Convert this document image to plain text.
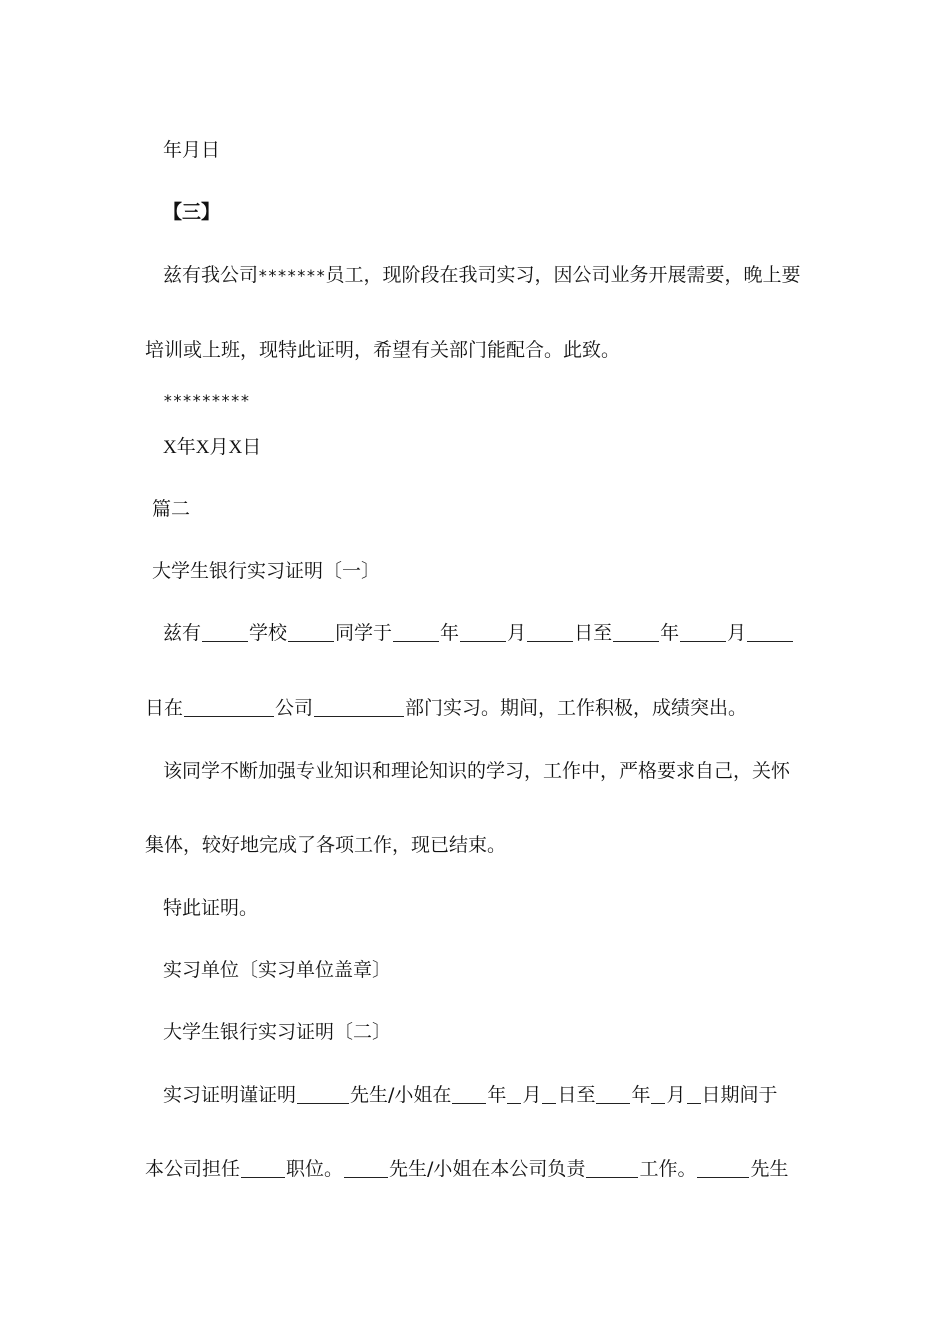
年月日
【三】
兹有我公司*******员工，现阶段在我司实习，因公司业务开展需要，晚上要
培训或上班，现特此证明，希望有关部门能配合。此致。
*********
X年X月X日
篇二
大学生银行实习证明〔一〕
兹有	学校	同学于	年	月	日至	年	月
日在	公司	部门实习。期间，工作积极，成绩突出。
该同学不断加强专业知识和理论知识的学习，工作中，严格要求自己，关怀
集体，较好地完成了各项工作，现已结束。
特此证明。
实习单位〔实习单位盖章〕
大学生银行实习证明〔二〕
实习证明谨证明	先生/小姐在 年 月 日至 年 月 日期间于
本公司担任 职位。 先生/小姐在本公司负责	工作。	先生
